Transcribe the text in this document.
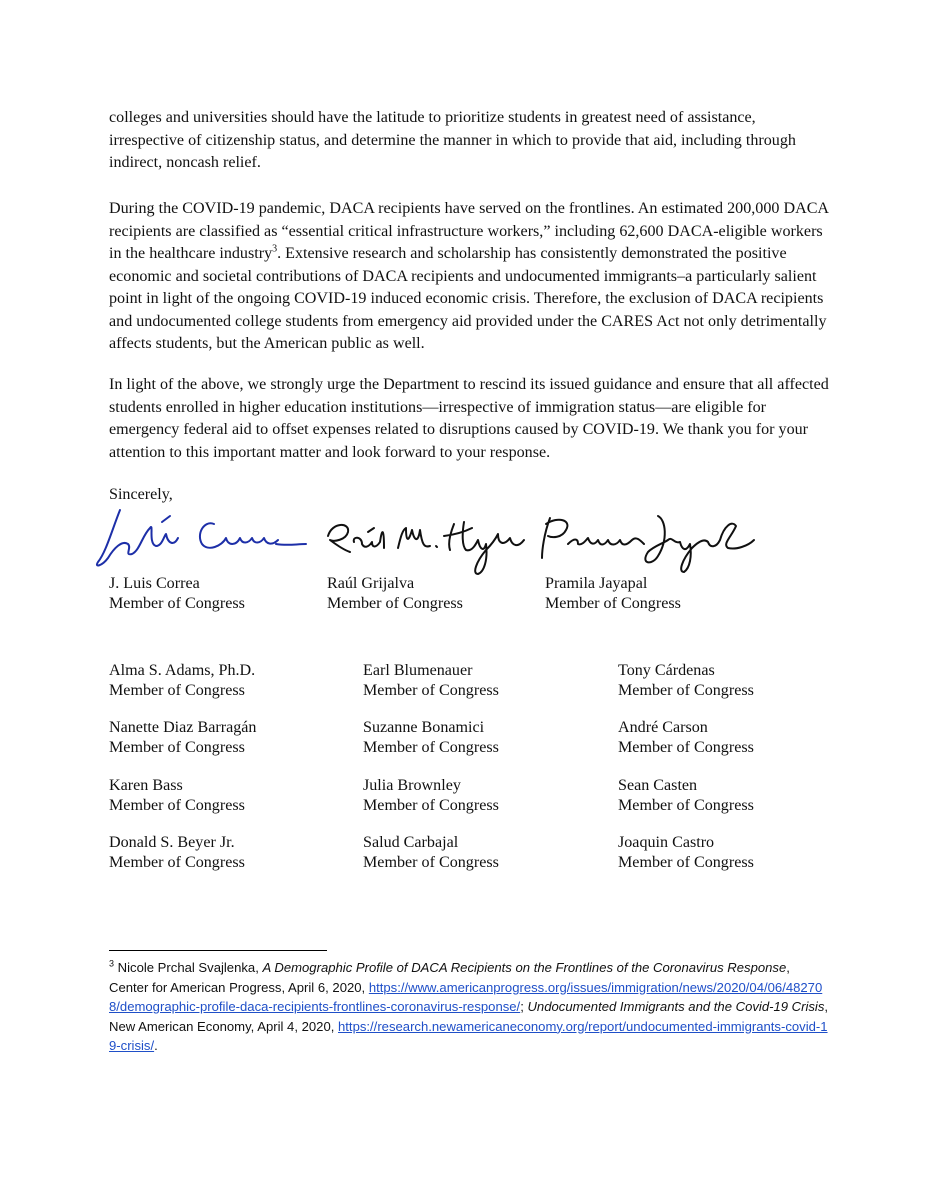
colleges and universities should have the latitude to prioritize students in greatest need of assistance, irrespective of citizenship status, and determine the manner in which to provide that aid, including through indirect, noncash relief.

During the COVID-19 pandemic, DACA recipients have served on the frontlines. An estimated 200,000 DACA recipients are classified as “essential critical infrastructure workers,” including 62,600 DACA-eligible workers in the healthcare industry$^3$. Extensive research and scholarship has consistently demonstrated the positive economic and societal contributions of DACA recipients and undocumented immigrants–a particularly salient point in light of the ongoing COVID-19 induced economic crisis. Therefore, the exclusion of DACA recipients and undocumented college students from emergency aid provided under the CARES Act not only detrimentally affects students, but the American public as well.

In light of the above, we strongly urge the Department to rescind its issued guidance and ensure that all affected students enrolled in higher education institutions—irrespective of immigration status—are eligible for emergency federal aid to offset expenses related to disruptions caused by COVID-19. We thank you for your attention to this important matter and look forward to your response.

Sincerely,

J. Luis Correa
Member of Congress
Raúl Grijalva
Member of Congress
Pramila Jayapal
Member of Congress
Alma S. Adams, Ph.D.
Member of Congress
Nanette Diaz Barragán
Member of Congress
Karen Bass
Member of Congress
Donald S. Beyer Jr.
Member of Congress
Earl Blumenauer
Member of Congress
Suzanne Bonamici
Member of Congress
Julia Brownley
Member of Congress
Salud Carbajal
Member of Congress
Tony Cárdenas
Member of Congress
André Carson
Member of Congress
Sean Casten
Member of Congress
Joaquin Castro
Member of Congress

$^3$ Nicole Prchal Svajlenka, A Demographic Profile of DACA Recipients on the Frontlines of the Coronavirus Response, Center for American Progress, April 6, 2020, https://www.americanprogress.org/issues/immigration/news/2020/04/06/482708/demographic-profile-daca-recipients-frontlines-coronavirus-response/; Undocumented Immigrants and the Covid-19 Crisis, New American Economy, April 4, 2020, https://research.newamericaneconomy.org/report/undocumented-immigrants-covid-19-crisis/.
